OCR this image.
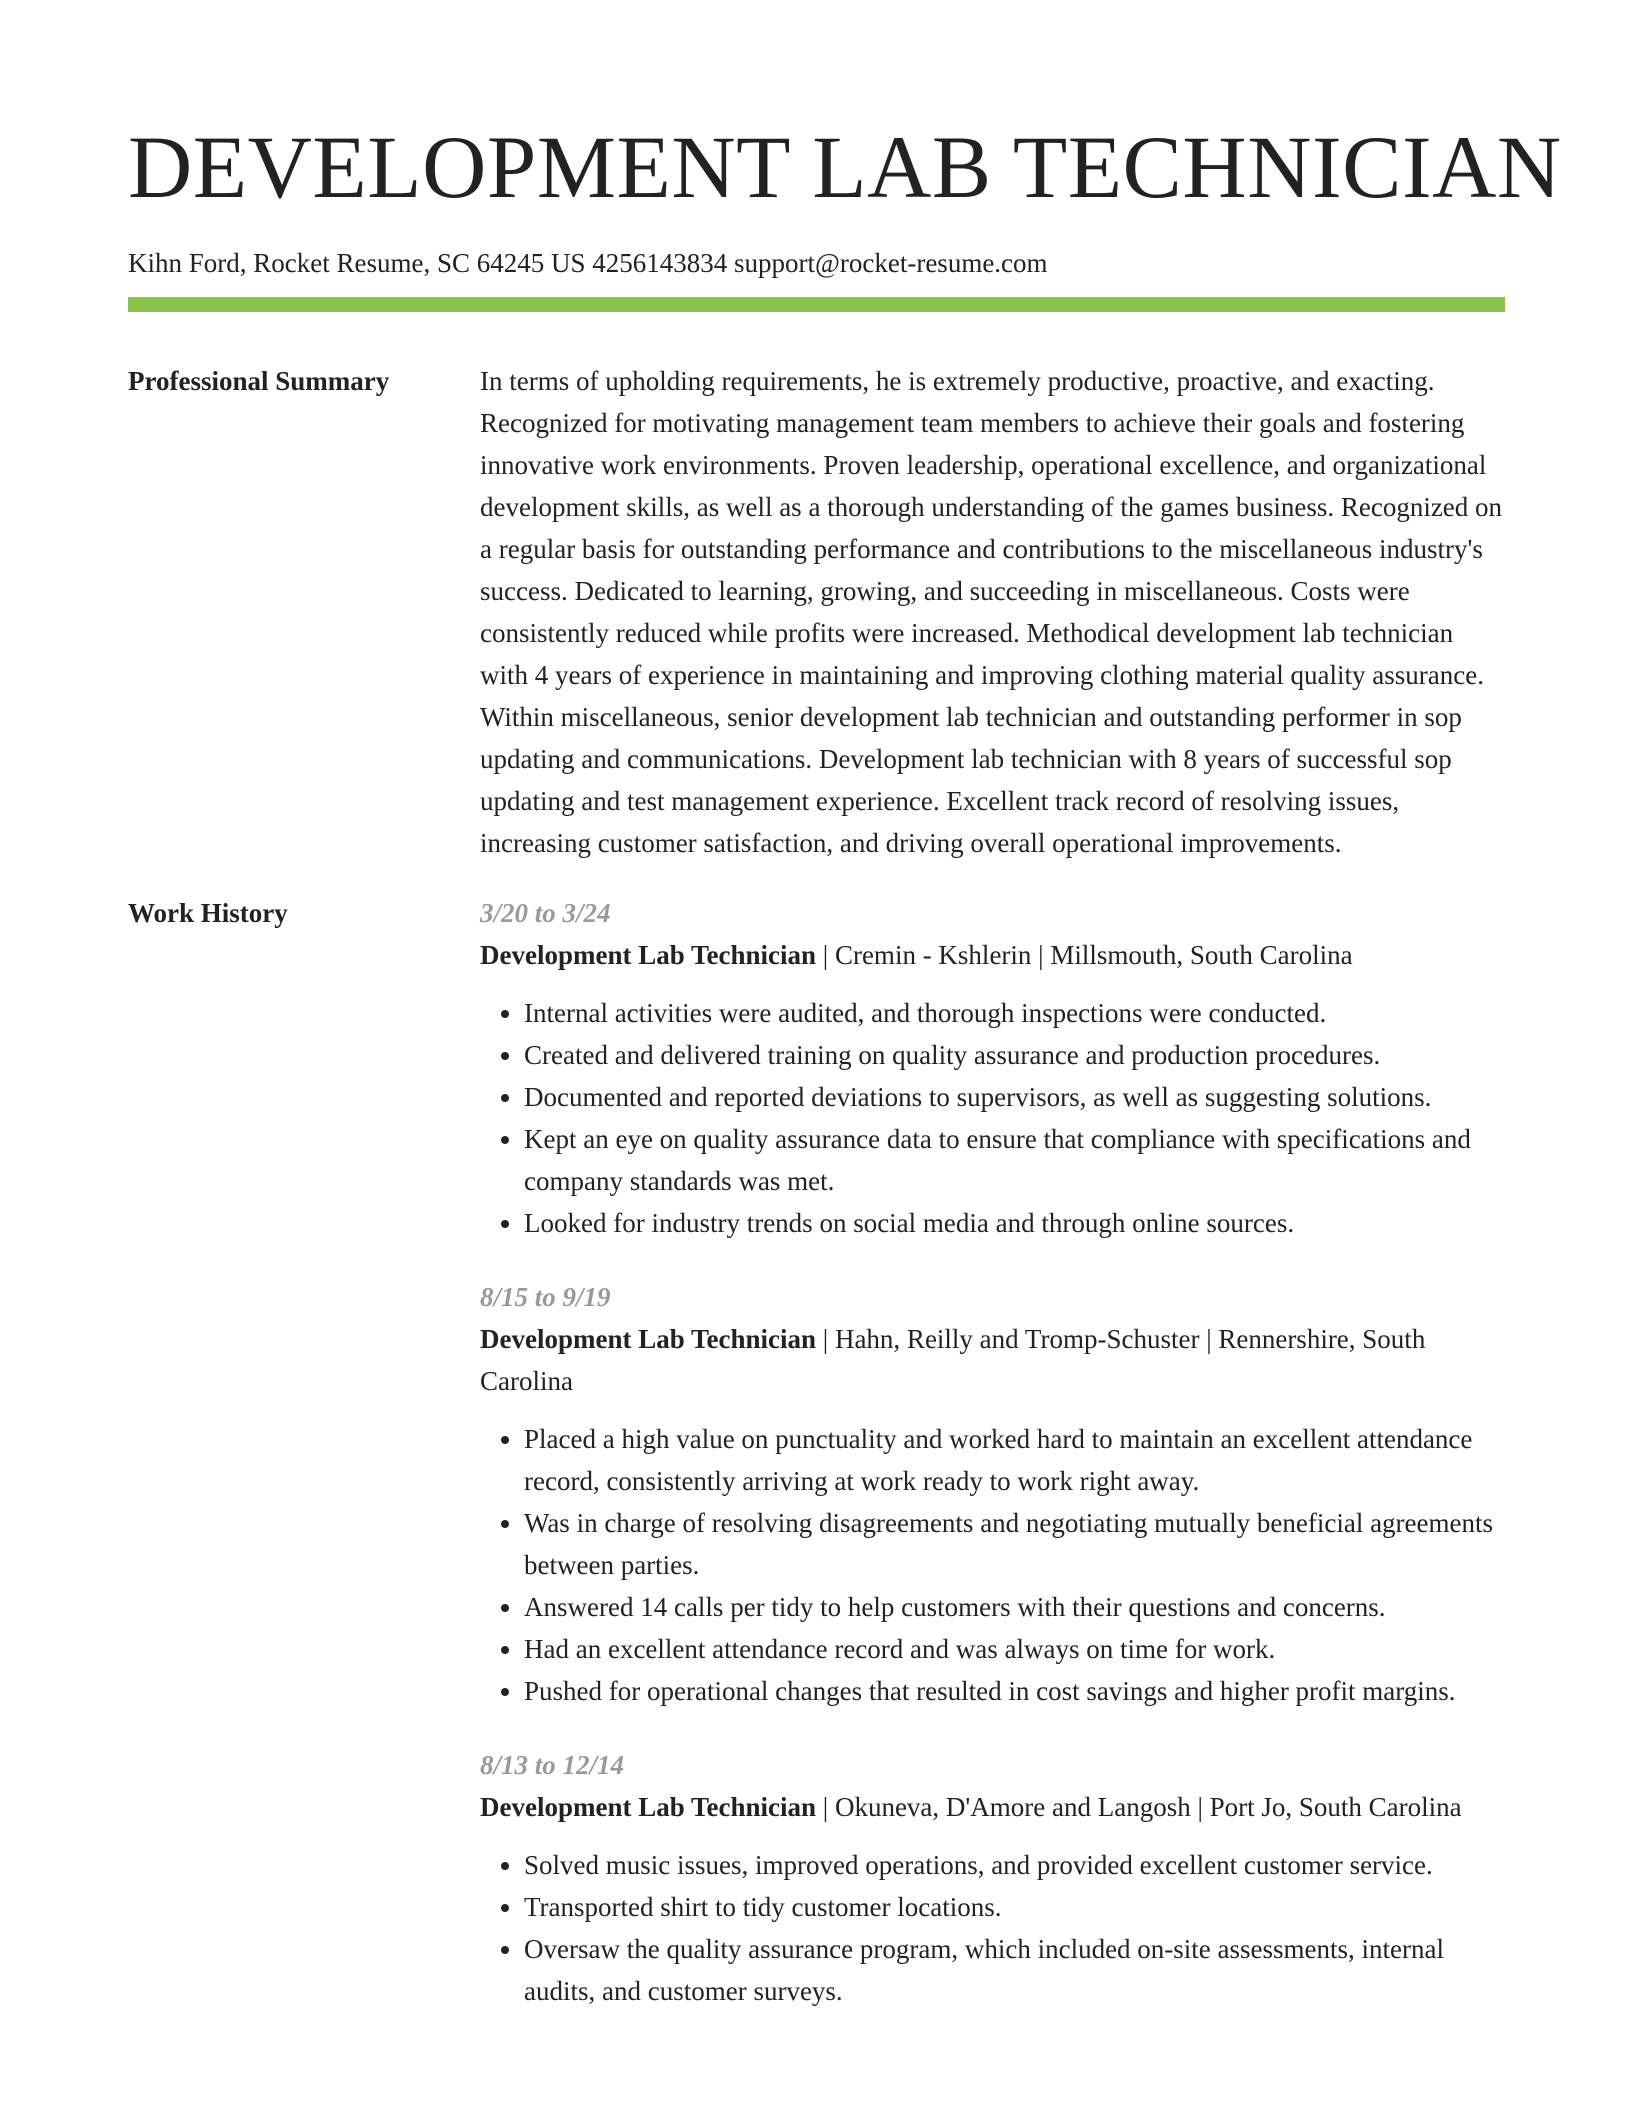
DEVELOPMENT LAB TECHNICIAN
Kihn Ford, Rocket Resume, SC 64245 US 4256143834 support@rocket-resume.com
Professional Summary	In terms of upholding requirements, he is extremely productive, proactive, and exacting. Recognized for motivating management team members to achieve their goals and fostering innovative work environments. Proven leadership, operational excellence, and organizational development skills, as well as a thorough understanding of the games business. Recognized on a regular basis for outstanding performance and contributions to the miscellaneous industry's success. Dedicated to learning, growing, and succeeding in miscellaneous. Costs were consistently reduced while profits were increased. Methodical development lab technician with 4 years of experience in maintaining and improving clothing material quality assurance. Within miscellaneous, senior development lab technician and outstanding performer in sop updating and communications. Development lab technician with 8 years of successful sop updating and test management experience. Excellent track record of resolving issues, increasing customer satisfaction, and driving overall operational improvements.

Work History	3/20 to 3/24
Development Lab Technician | Cremin - Kshlerin | Millsmouth, South Carolina
• Internal activities were audited, and thorough inspections were conducted.
• Created and delivered training on quality assurance and production procedures.
• Documented and reported deviations to supervisors, as well as suggesting solutions.
• Kept an eye on quality assurance data to ensure that compliance with specifications and company standards was met.
• Looked for industry trends on social media and through online sources.
8/15 to 9/19
Development Lab Technician | Hahn, Reilly and Tromp-Schuster | Rennershire, South Carolina
• Placed a high value on punctuality and worked hard to maintain an excellent attendance record, consistently arriving at work ready to work right away.
• Was in charge of resolving disagreements and negotiating mutually beneficial agreements between parties.
• Answered 14 calls per tidy to help customers with their questions and concerns.
• Had an excellent attendance record and was always on time for work.
• Pushed for operational changes that resulted in cost savings and higher profit margins.
8/13 to 12/14
Development Lab Technician | Okuneva, D'Amore and Langosh | Port Jo, South Carolina
• Solved music issues, improved operations, and provided excellent customer service.
• Transported shirt to tidy customer locations.
• Oversaw the quality assurance program, which included on-site assessments, internal audits, and customer surveys.
